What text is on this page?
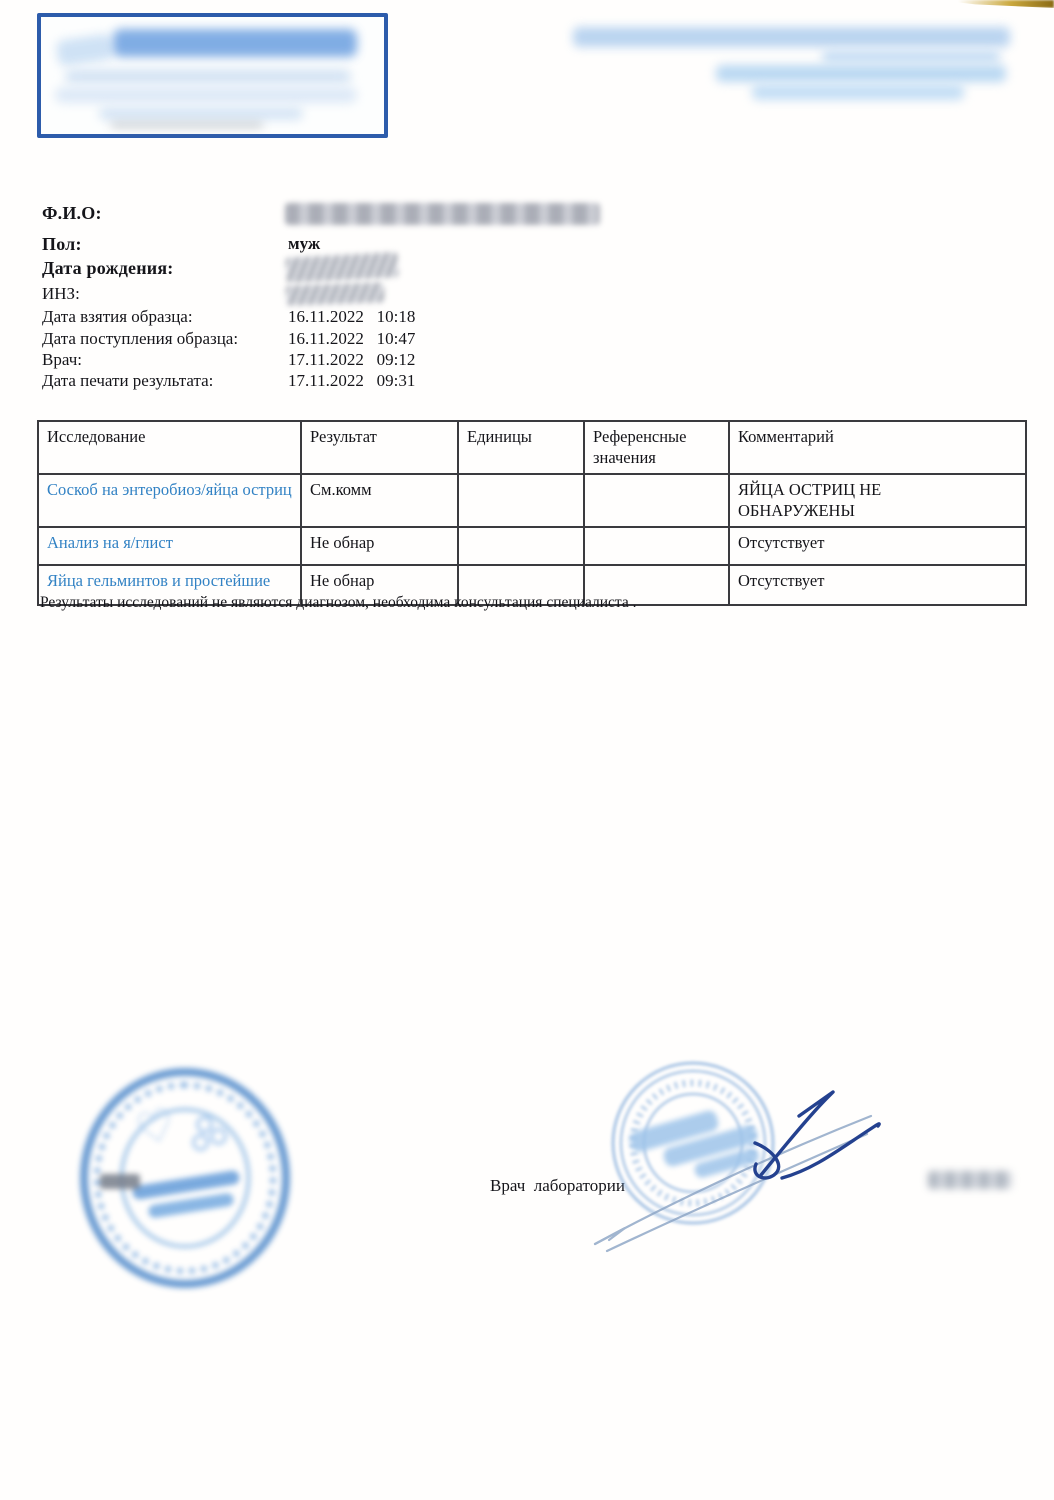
Ф.И.О:
Пол:	муж
Дата рождения:
ИНЗ:
Дата взятия образца:	16.11.2022   10:18
Дата поступления образца:	16.11.2022   10:47
Врач:	17.11.2022   09:12
Дата печати результата:	17.11.2022   09:31
Исследование	Результат	Единицы	Референсные значения	Комментарий
Соскоб на энтеробиоз/яйца остриц	См.комм			ЯЙЦА ОСТРИЦ НЕ ОБНАРУЖЕНЫ
Анализ на я/глист	Не обнар			Отсутствует
Яйца гельминтов и простейшие	Не обнар			Отсутствует
Результаты исследований не являются диагнозом, необходима консультация специалиста .
♡
Врач  лаборатории
